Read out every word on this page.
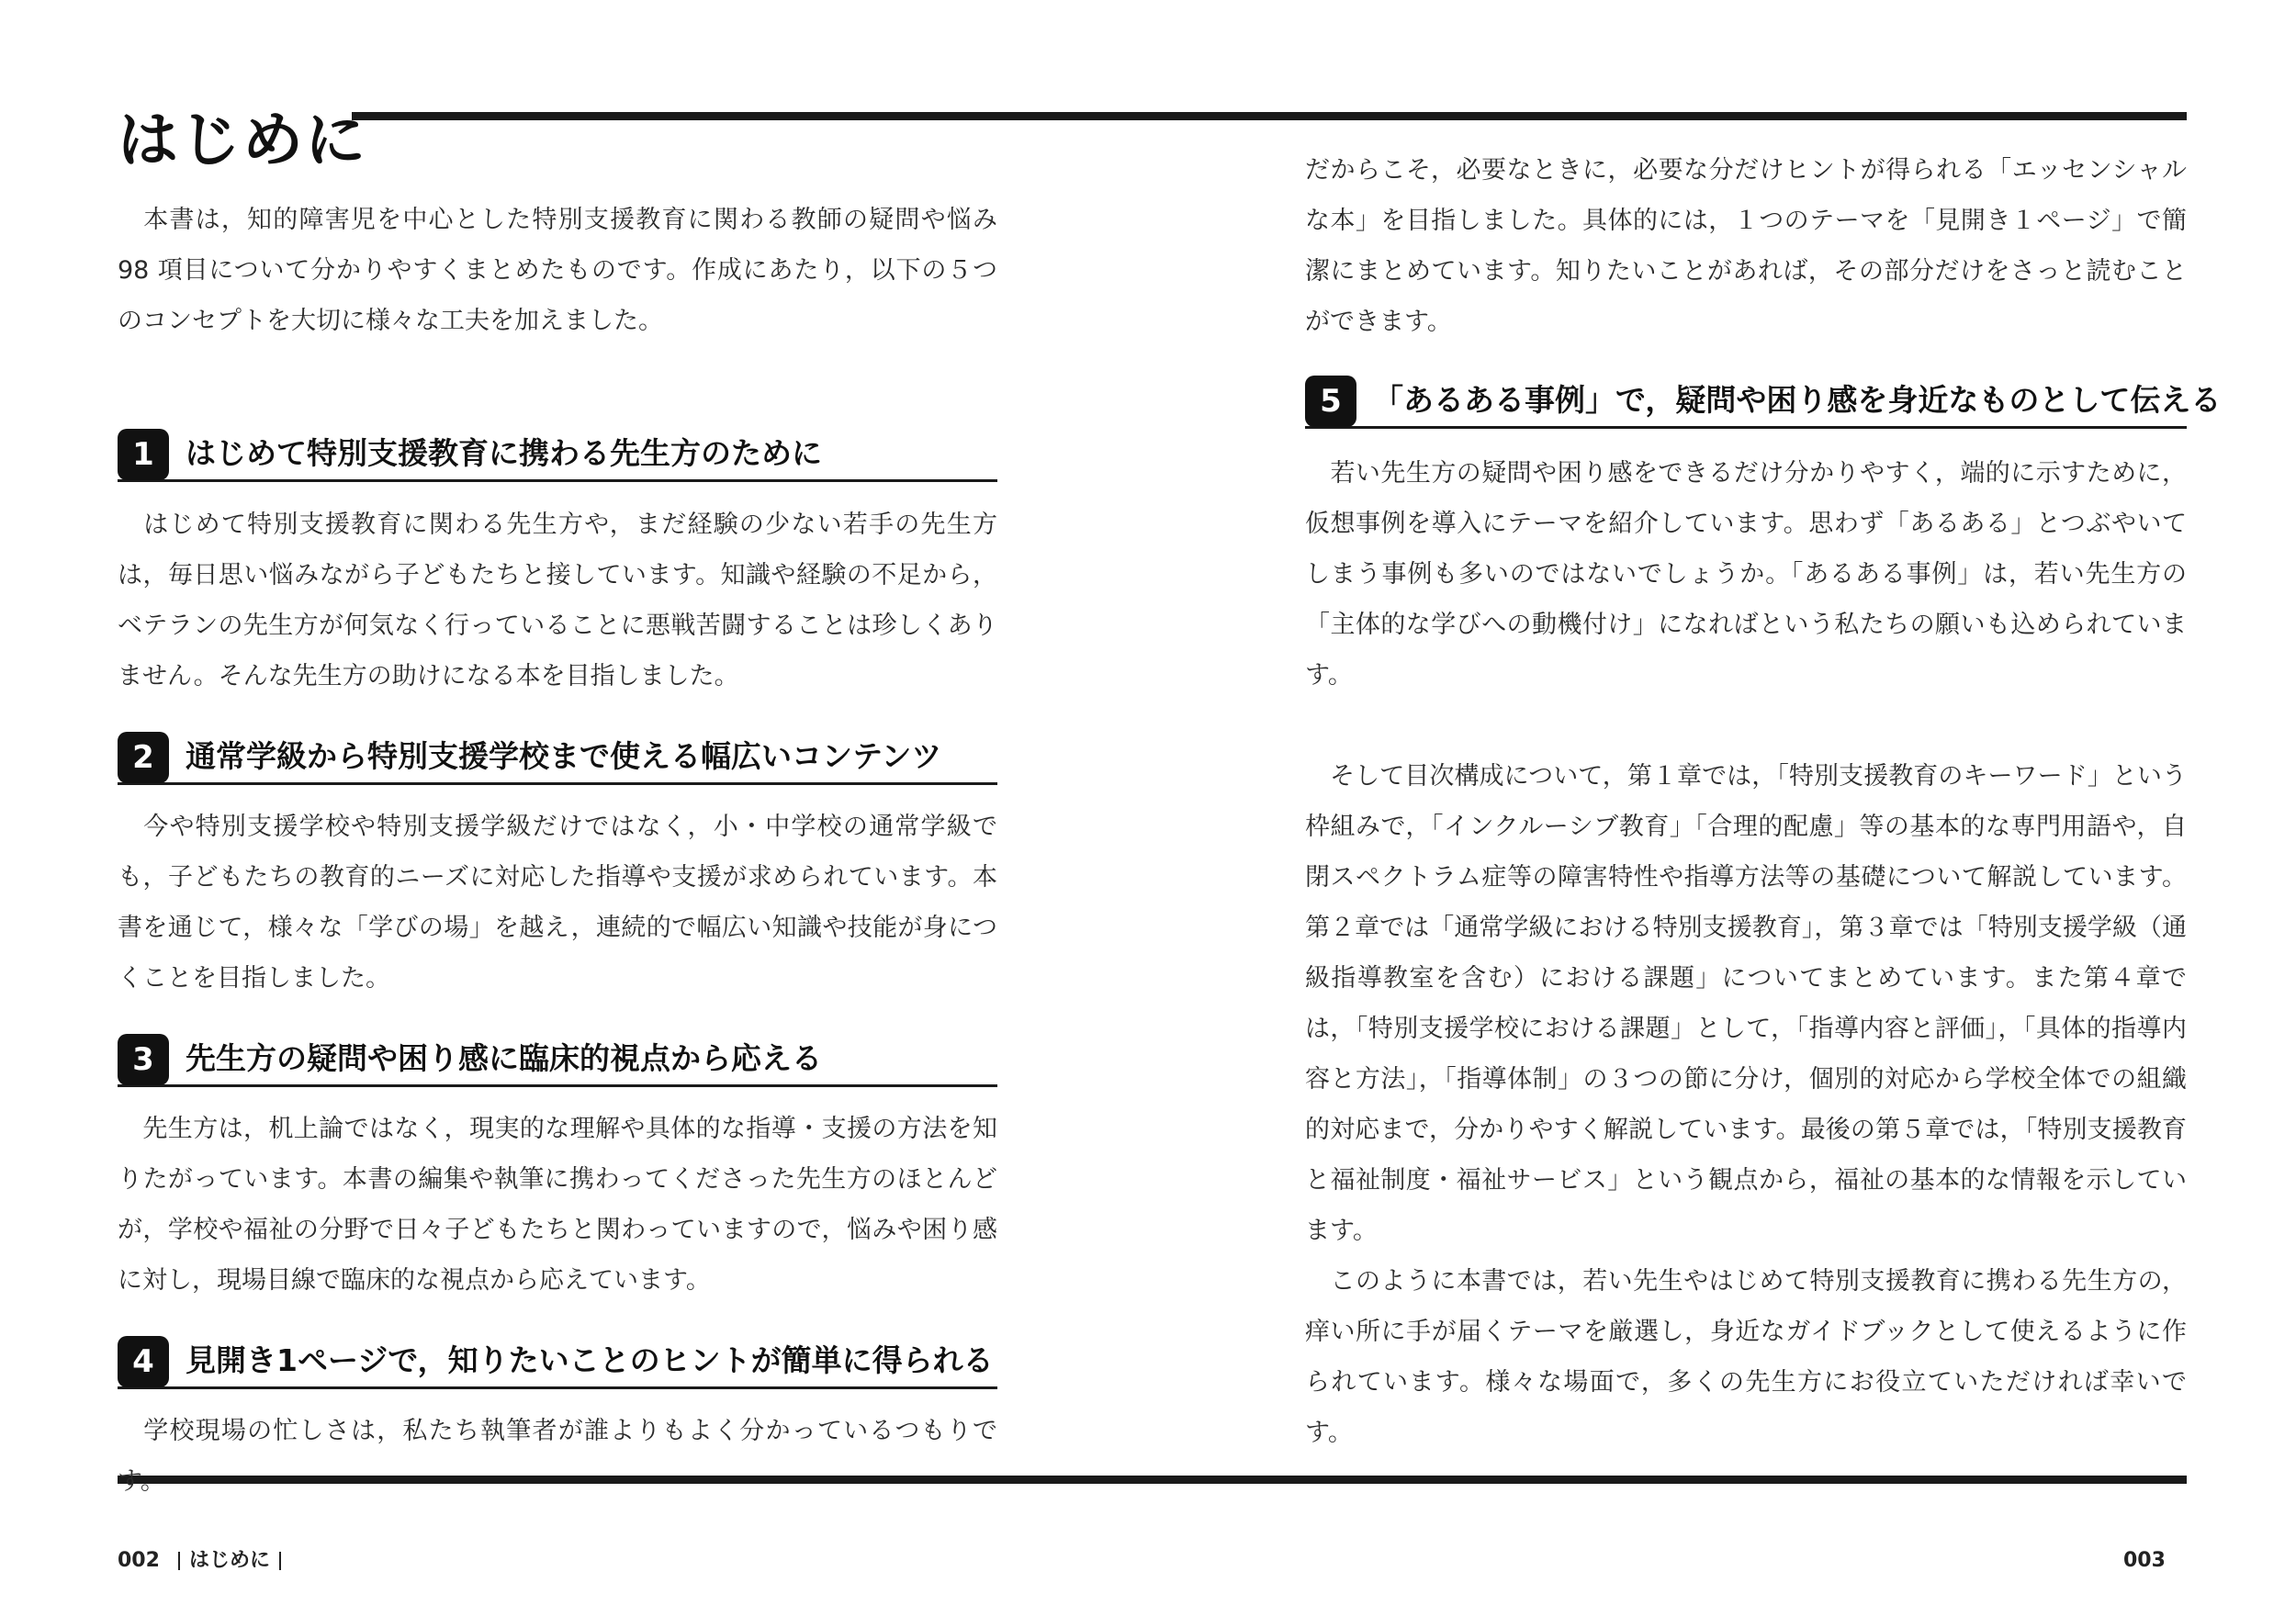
はじめに

　本書は，知的障害児を中心とした特別支援教育に関わる教師の疑問や悩み 98 項目について分かりやすくまとめたものです。作成にあたり，以下の５つのコンセプトを大切に様々な工夫を加えました。

1	はじめて特別支援教育に携わる先生方のために

　はじめて特別支援教育に関わる先生方や，まだ経験の少ない若手の先生方は，毎日思い悩みながら子どもたちと接しています。知識や経験の不足から，ベテランの先生方が何気なく行っていることに悪戦苦闘することは珍しくありません。そんな先生方の助けになる本を目指しました。

2	通常学級から特別支援学校まで使える幅広いコンテンツ

　今や特別支援学校や特別支援学級だけではなく，小・中学校の通常学級でも，子どもたちの教育的ニーズに対応した指導や支援が求められています。本書を通じて，様々な「学びの場」を越え，連続的で幅広い知識や技能が身につくことを目指しました。

3	先生方の疑問や困り感に臨床的視点から応える

　先生方は，机上論ではなく，現実的な理解や具体的な指導・支援の方法を知りたがっています。本書の編集や執筆に携わってくださった先生方のほとんどが，学校や福祉の分野で日々子どもたちと関わっていますので，悩みや困り感に対し，現場目線で臨床的な視点から応えています。

4	見開き1ページで，知りたいことのヒントが簡単に得られる

　学校現場の忙しさは，私たち執筆者が誰よりもよく分かっているつもりです。

だからこそ，必要なときに，必要な分だけヒントが得られる「エッセンシャルな本」を目指しました。具体的には，１つのテーマを「見開き１ページ」で簡潔にまとめています。知りたいことがあれば，その部分だけをさっと読むことができます。

5	「あるある事例」で，疑問や困り感を身近なものとして伝える

　若い先生方の疑問や困り感をできるだけ分かりやすく，端的に示すために，仮想事例を導入にテーマを紹介しています。思わず「あるある」とつぶやいてしまう事例も多いのではないでしょうか。「あるある事例」は，若い先生方の「主体的な学びへの動機付け」になればという私たちの願いも込められています。

　そして目次構成について，第１章では，「特別支援教育のキーワード」という枠組みで，「インクルーシブ教育」「合理的配慮」等の基本的な専門用語や，自閉スペクトラム症等の障害特性や指導方法等の基礎について解説しています。第２章では「通常学級における特別支援教育」，第３章では「特別支援学級（通級指導教室を含む）における課題」についてまとめています。また第４章では，「特別支援学校における課題」として，「指導内容と評価」，「具体的指導内容と方法」，「指導体制」の３つの節に分け，個別的対応から学校全体での組織的対応まで，分かりやすく解説しています。最後の第５章では，「特別支援教育と福祉制度・福祉サービス」という観点から，福祉の基本的な情報を示しています。

　このように本書では，若い先生やはじめて特別支援教育に携わる先生方の，痒い所に手が届くテーマを厳選し，身近なガイドブックとして使えるように作られています。様々な場面で，多くの先生方にお役立ていただければ幸いです。

002 はじめに	003
